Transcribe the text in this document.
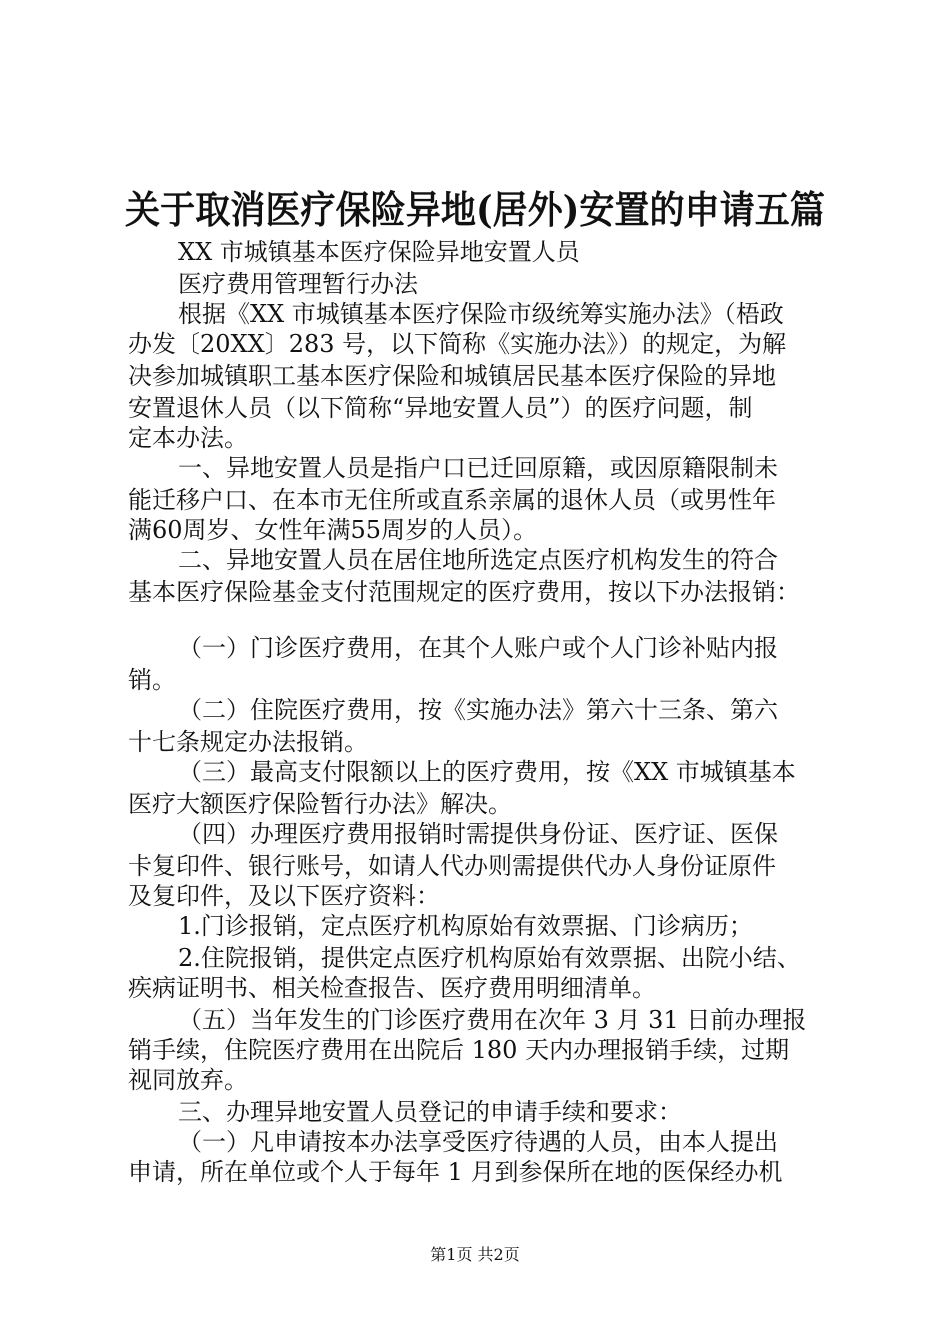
关于取消医疗保险异地(居外)安置的申请五篇
XX 市城镇基本医疗保险异地安置人员
医疗费用管理暂行办法
根据《XX 市城镇基本医疗保险市级统筹实施办法》（梧政
办发〔20XX〕283 号，以下简称《实施办法》）的规定，为解
决参加城镇职工基本医疗保险和城镇居民基本医疗保险的异地
安置退休人员（以下简称“异地安置人员”）的医疗问题，制
定本办法。
一、异地安置人员是指户口已迁回原籍，或因原籍限制未
能迁移户口、在本市无住所或直系亲属的退休人员（或男性年
满60周岁、女性年满55周岁的人员）。
二、异地安置人员在居住地所选定点医疗机构发生的符合
基本医疗保险基金支付范围规定的医疗费用，按以下办法报销：
（一）门诊医疗费用，在其个人账户或个人门诊补贴内报
销。
（二）住院医疗费用，按《实施办法》第六十三条、第六
十七条规定办法报销。
（三）最高支付限额以上的医疗费用，按《XX 市城镇基本
医疗大额医疗保险暂行办法》解决。
（四）办理医疗费用报销时需提供身份证、医疗证、医保
卡复印件、银行账号，如请人代办则需提供代办人身份证原件
及复印件，及以下医疗资料：
1.门诊报销，定点医疗机构原始有效票据、门诊病历；
2.住院报销，提供定点医疗机构原始有效票据、出院小结、
疾病证明书、相关检查报告、医疗费用明细清单。
（五）当年发生的门诊医疗费用在次年 3 月 31 日前办理报
销手续，住院医疗费用在出院后 180 天内办理报销手续，过期
视同放弃。
三、办理异地安置人员登记的申请手续和要求：
（一）凡申请按本办法享受医疗待遇的人员，由本人提出
申请，所在单位或个人于每年 1 月到参保所在地的医保经办机
第1页 共2页
